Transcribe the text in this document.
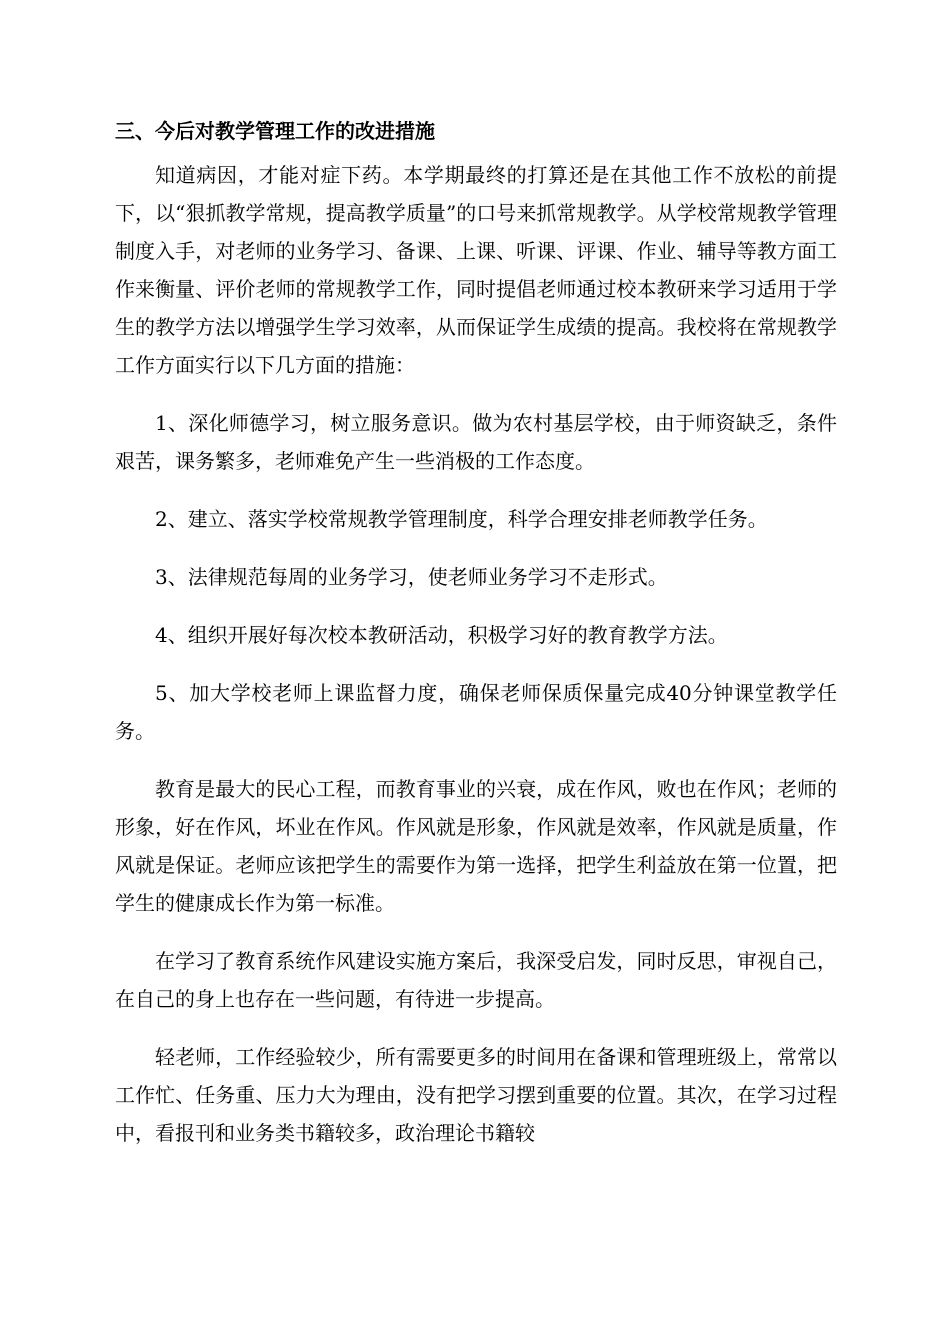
三、今后对教学管理工作的改进措施

知道病因，才能对症下药。本学期最终的打算还是在其他工作不放松的前提下，以“狠抓教学常规，提高教学质量”的口号来抓常规教学。从学校常规教学管理制度入手，对老师的业务学习、备课、上课、听课、评课、作业、辅导等教方面工作来衡量、评价老师的常规教学工作，同时提倡老师通过校本教研来学习适用于学生的教学方法以增强学生学习效率，从而保证学生成绩的提高。我校将在常规教学工作方面实行以下几方面的措施：

1、深化师德学习，树立服务意识。做为农村基层学校，由于师资缺乏，条件艰苦，课务繁多，老师难免产生一些消极的工作态度。

2、建立、落实学校常规教学管理制度，科学合理安排老师教学任务。

3、法律规范每周的业务学习，使老师业务学习不走形式。

4、组织开展好每次校本教研活动，积极学习好的教育教学方法。

5、加大学校老师上课监督力度，确保老师保质保量完成40分钟课堂教学任务。

教育是最大的民心工程，而教育事业的兴衰，成在作风，败也在作风；老师的形象，好在作风，坏业在作风。作风就是形象，作风就是效率，作风就是质量，作风就是保证。老师应该把学生的需要作为第一选择，把学生利益放在第一位置，把学生的健康成长作为第一标准。

在学习了教育系统作风建设实施方案后，我深受启发，同时反思，审视自己，在自己的身上也存在一些问题，有待进一步提高。

轻老师，工作经验较少，所有需要更多的时间用在备课和管理班级上，常常以工作忙、任务重、压力大为理由，没有把学习摆到重要的位置。其次，在学习过程中，看报刊和业务类书籍较多，政治理论书籍较
